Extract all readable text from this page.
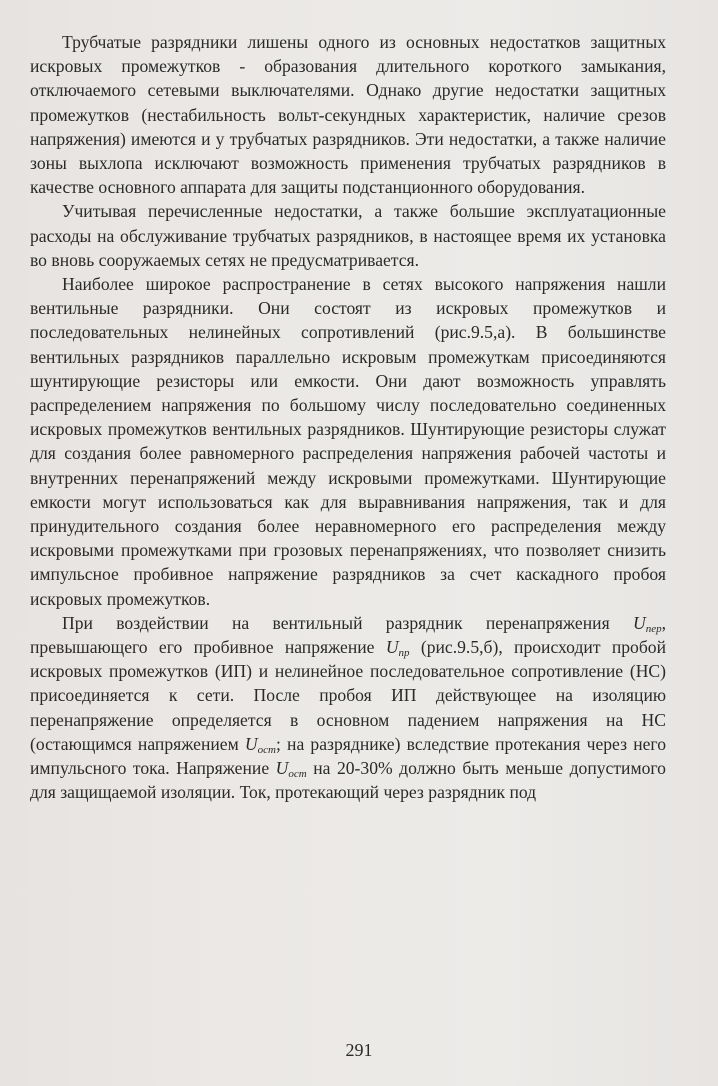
Трубчатые разрядники лишены одного из основных недостатков защитных искровых промежутков - образования длительного короткого замыкания, отключаемого сетевыми выключателями. Однако другие недостатки защитных промежутков (нестабильность вольт-секундных характеристик, наличие срезов напряжения) имеются и у трубчатых разрядников. Эти недостатки, а также наличие зоны выхлопа исключают возможность применения трубчатых разрядников в качестве основного аппарата для защиты подстанционного оборудования.

Учитывая перечисленные недостатки, а также большие эксплуатационные расходы на обслуживание трубчатых разрядников, в настоящее время их установка во вновь сооружаемых сетях не предусматривается.

Наиболее широкое распространение в сетях высокого напряжения нашли вентильные разрядники. Они состоят из искровых промежутков и последовательных нелинейных сопротивлений (рис.9.5,а). В большинстве вентильных разрядников параллельно искровым промежуткам присоединяются шунтирующие резисторы или емкости. Они дают возможность управлять распределением напряжения по большому числу последовательно соединенных искровых промежутков вентильных разрядников. Шунтирующие резисторы служат для создания более равномерного распределения напряжения рабочей частоты и внутренних перенапряжений между искровыми промежутками. Шунтирующие емкости могут использоваться как для выравнивания напряжения, так и для принудительного создания более неравномерного его распределения между искровыми промежутками при грозовых перенапряжениях, что позволяет снизить импульсное пробивное напряжение разрядников за счет каскадного пробоя искровых промежутков.

При воздействии на вентильный разрядник перенапряжения $U_{пер}$, превышающего его пробивное напряжение $U_{пр}$ (рис.9.5,б), происходит пробой искровых промежутков (ИП) и нелинейное последовательное сопротивление (НС) присоединяется к сети. После пробоя ИП действующее на изоляцию перенапряжение определяется в основном падением напряжения на НС (остающимся напряжением $U_{ост}$; на разряднике) вследствие протекания через него импульсного тока. Напряжение $U_{ост}$ на 20-30% должно быть меньше допустимого для защищаемой изоляции. Ток, протекающий через разрядник под

291
